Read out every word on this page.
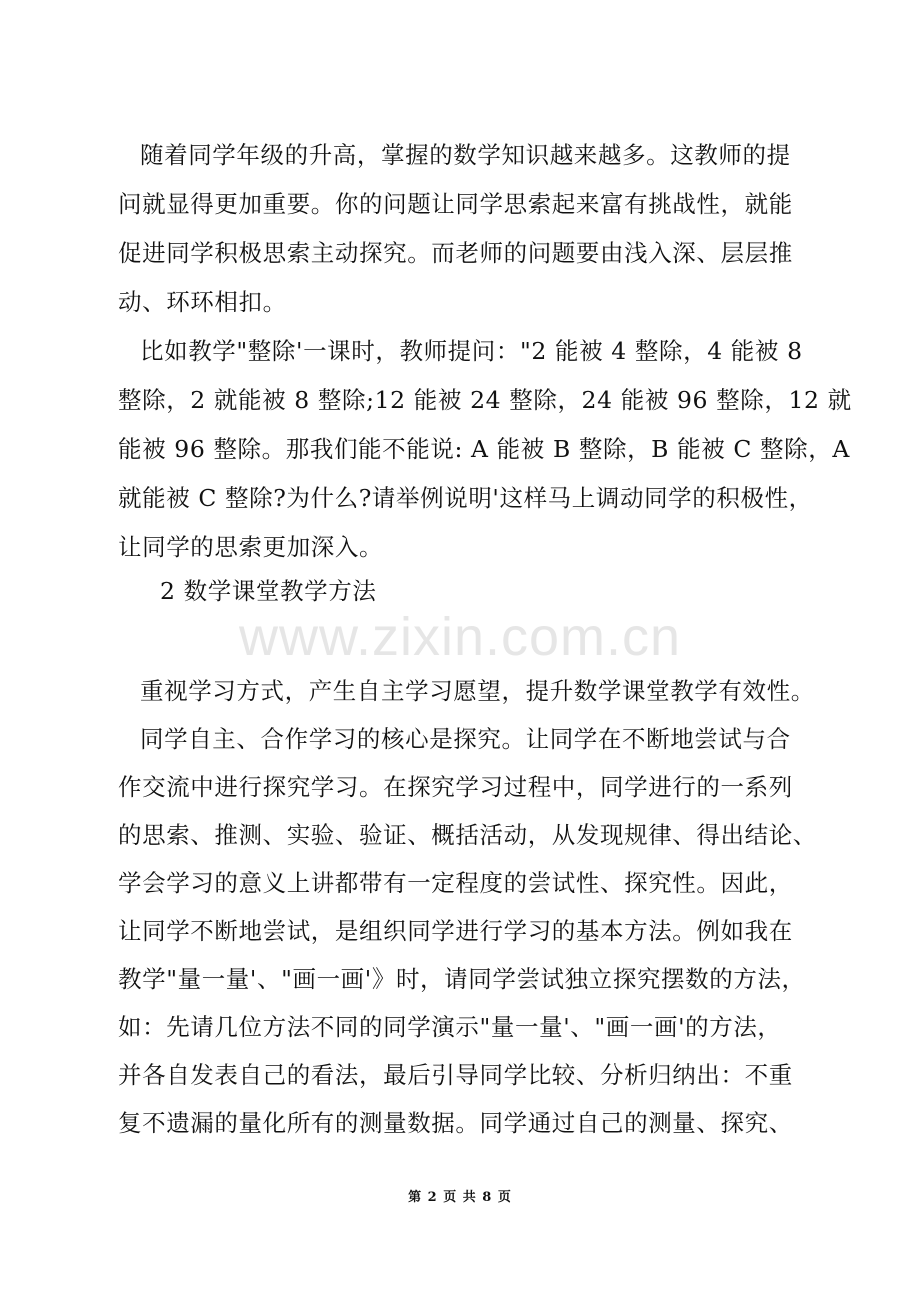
随着同学年级的升高，掌握的数学知识越来越多。这教师的提
问就显得更加重要。你的问题让同学思索起来富有挑战性，就能
促进同学积极思索主动探究。而老师的问题要由浅入深、层层推
动、环环相扣。
比如教学"整除'一课时，教师提问："2 能被 4 整除，4 能被 8
整除，2 就能被 8 整除;12 能被 24 整除，24 能被 96 整除，12 就
能被 96 整除。那我们能不能说: A 能被 B 整除，B 能被 C 整除，A
就能被 C 整除?为什么?请举例说明'这样马上调动同学的积极性，
让同学的思索更加深入。
2 数学课堂教学方法
www.zixin.com.cn
重视学习方式，产生自主学习愿望，提升数学课堂教学有效性。
同学自主、合作学习的核心是探究。让同学在不断地尝试与合
作交流中进行探究学习。在探究学习过程中，同学进行的一系列
的思索、推测、实验、验证、概括活动，从发现规律、得出结论、
学会学习的意义上讲都带有一定程度的尝试性、探究性。因此，
让同学不断地尝试，是组织同学进行学习的基本方法。例如我在
教学"量一量'、"画一画'》时，请同学尝试独立探究摆数的方法，
如：先请几位方法不同的同学演示"量一量'、"画一画'的方法，
并各自发表自己的看法，最后引导同学比较、分析归纳出：不重
复不遗漏的量化所有的测量数据。同学通过自己的测量、探究、
第 2 页 共 8 页
